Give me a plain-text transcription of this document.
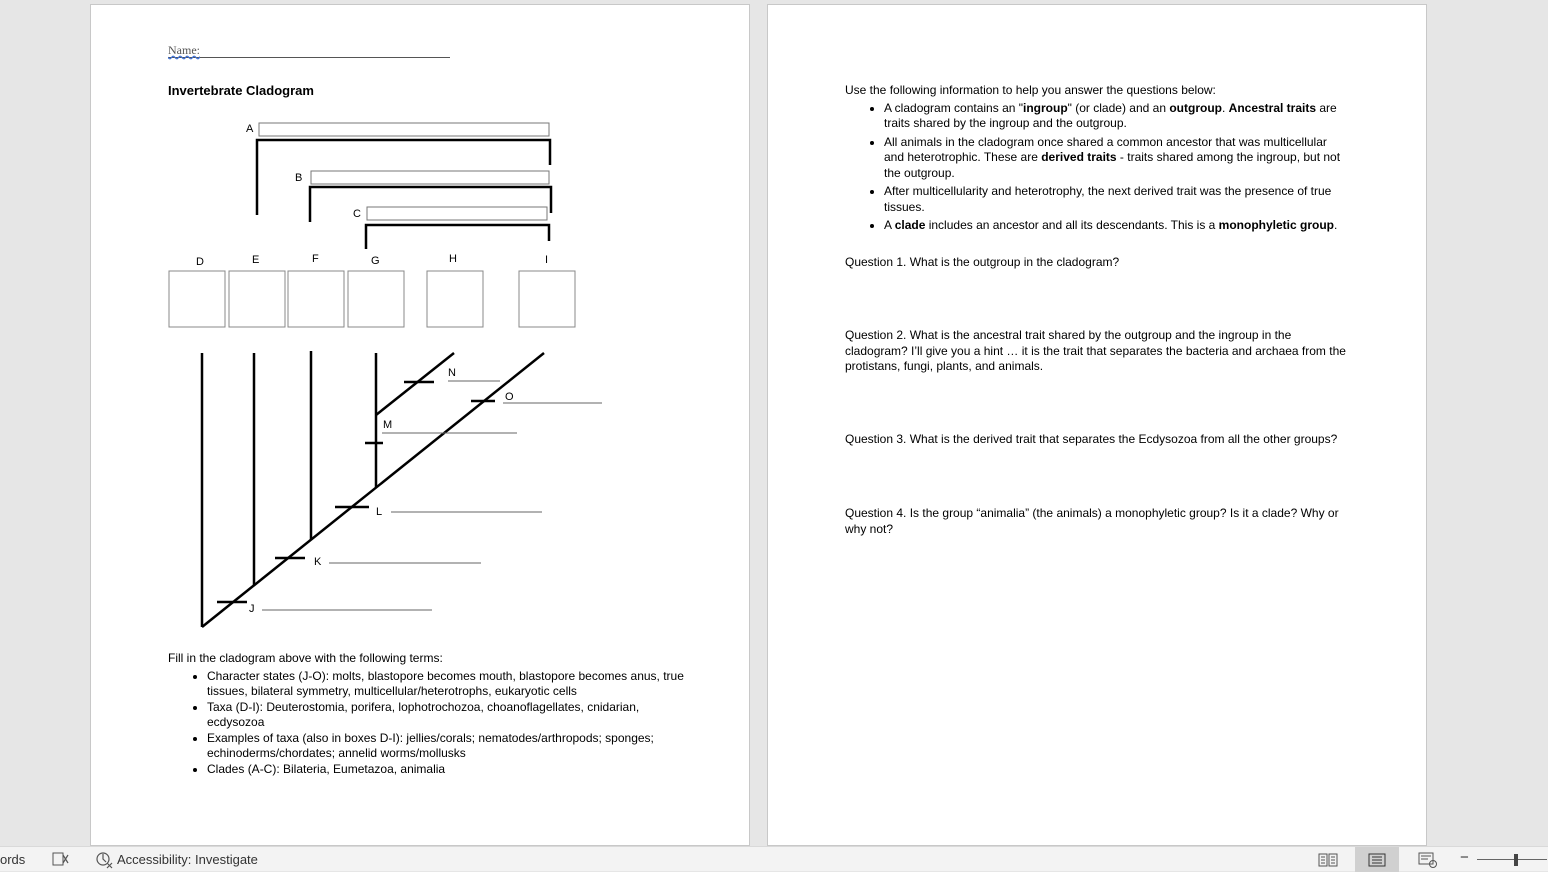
Name:
Invertebrate Cladogram
A
B
C
D	E	F	G	H	I
J
K
L
M
N
O
Fill in the cladogram above with the following terms:
• Character states (J-O): molts, blastopore becomes mouth, blastopore becomes anus, true tissues, bilateral symmetry, multicellular/heterotrophs, eukaryotic cells
• Taxa (D-I): Deuterostomia, porifera, lophotrochozoa, choanoflagellates, cnidarian, ecdysozoa
• Examples of taxa (also in boxes D-I): jellies/corals; nematodes/arthropods; sponges; echinoderms/chordates; annelid worms/mollusks
• Clades (A-C): Bilateria, Eumetazoa, animalia
Use the following information to help you answer the questions below:
• A cladogram contains an "ingroup" (or clade) and an outgroup. Ancestral traits are traits shared by the ingroup and the outgroup.
• All animals in the cladogram once shared a common ancestor that was multicellular and heterotrophic. These are derived traits - traits shared among the ingroup, but not the outgroup.
• After multicellularity and heterotrophy, the next derived trait was the presence of true tissues.
• A clade includes an ancestor and all its descendants. This is a monophyletic group.
Question 1. What is the outgroup in the cladogram?
Question 2. What is the ancestral trait shared by the outgroup and the ingroup in the cladogram? I’ll give you a hint … it is the trait that separates the bacteria and archaea from the protistans, fungi, plants, and animals.
Question 3. What is the derived trait that separates the Ecdysozoa from all the other groups?
Question 4. Is the group “animalia” (the animals) a monophyletic group? Is it a clade? Why or why not?
ords	Accessibility: Investigate	−
